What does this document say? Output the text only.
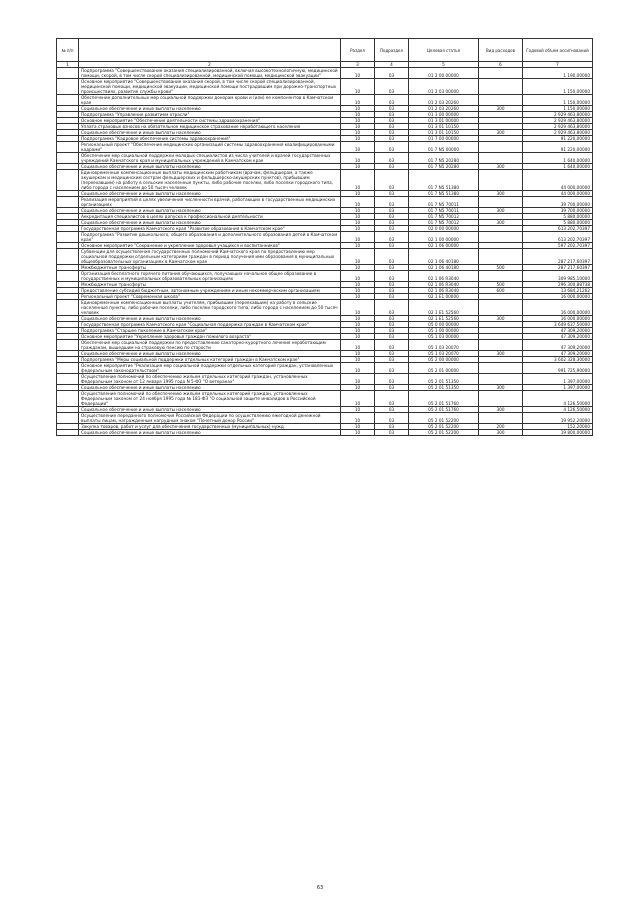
№ п/п		Раздел	Подраздел	Целевая статья	Вид расходов	Годовой объем ассигнований
1	2	3	4	5	6	7
	Подпрограмма "Совершенствование оказания специализированной, включая высокотехнологичную, медицинской помощи, скорой, в том числе скорой специализированной, медицинской помощи, медицинской эвакуации"	10	03	01 2 00 00000		1 190,00000
	Основное мероприятие "Совершенствование оказания скорой, в том числе скорой специализированной, медицинской помощи, медицинской эвакуации, медицинской помощи пострадавшим при дорожно-транспортных происшествиях, развитие службы крови"	10	03	01 2 03 00000		1 150,00000
	Обеспечение дополнительных мер социальной поддержки донорам крови и (или) ее компонентов в Камчатском крае	10	03	01 2 03 20260		1 150,00000
	Социальное обеспечение и иные выплаты населению	10	03	01 2 03 20260	300	1 150,00000
	Подпрограмма "Управление развитием отрасли"	10	03	01 3 00 00000		2 929 463,80000
	Основное мероприятие "Обеспечение деятельности системы здравоохранения"	10	03	01 3 01 00000		2 929 463,80000
	Уплата страховых взносов на обязательное медицинское страхование неработающего населения	10	03	01 3 01 10150		2 929 463,80000
	Социальное обеспечение и иные выплаты населению	10	03	01 3 01 10150	300	2 929 463,80000
	Подпрограмма "Кадровое обеспечение системы здравоохранения"	10	03	01 7 00 00000		91 220,00000
	Региональный проект "Обеспечение медицинских организаций системы здравоохранения квалифицированными кадрами"	10	03	01 7 N5 00000		91 220,00000
	Обеспечение мер социальной поддержки молодых специалистов из числа учителей и врачей государственных учреждений Камчатского края и муниципальных учреждений в Камчатском крае	10	03	01 7 N5 20280		1 640,00000
	Социальное обеспечение и иные выплаты населению	10	03	01 7 N5 20280	300	1 640,00000
	Единовременные компенсационные выплаты медицинским работникам (врачам, фельдшерам, а также акушеркам и медицинским сестрам фельдшерских и фельдшерско-акушерских пунктов), прибывшим (переехавшим) на работу в сельские населенные пункты, либо рабочие поселки, либо поселки городского типа, либо города с населением до 50 тысяч человек	10	03	01 7 N5 51380		44 000,00000
	Социальное обеспечение и иные выплаты населению	10	03	01 7 N5 51380	300	44 000,00000
	Реализация мероприятий в целях увеличения численности врачей, работающих в государственных медицинских организациях	10	03	01 7 N5 70011		39 700,00000
	Социальное обеспечение и иные выплаты населению	10	03	01 7 N5 70011	300	39 700,00000
	Аккредитация специалистов в целях допуска к профессиональной деятельности	10	03	01 7 N5 70012		5 880,00000
	Социальное обеспечение и иные выплаты населению	10	03	01 7 N5 70012	300	5 880,00000
	Государственная программа Камчатского края "Развитие образования в Камчатском крае"	10	03	02 0 00 00000		613 202,70397
	Подпрограмма "Развитие дошкольного, общего образования и дополнительного образования детей в Камчатском крае"	10	03	02 1 00 00000		613 202,70397
	Основное мероприятие "Сохранение и укрепление здоровья учащихся и воспитанников"	10	03	02 1 06 00000		597 202,70397
	Субвенции для осуществления государственных полномочий Камчатского края по предоставлению мер социальной поддержки отдельным категориям граждан в период получения ими образования в муниципальных общеобразовательных организациях в Камчатском крае	10	03	02 1 06 40180		287 217,60397
	Межбюджетные трансферты	10	03	02 1 06 40180	500	287 217,60397
	Организация бесплатного горячего питания обучающихся, получающих начальное общее образование в государственных и муниципальных образовательных организациях	10	03	02 1 06 R3040		309 985,10000
	Межбюджетные трансферты	10	03	02 1 06 R3040	500	296 300,88738
	Предоставление субсидий бюджетным, автономным учреждениям и иным некоммерческим организациям	10	03	02 1 06 R3040	600	13 684,21262
	Региональный проект "Современная школа"	10	03	02 1 E1 00000		16 000,00000
	Единовременные компенсационные выплаты учителям, прибывшим (переехавшим) на работу в сельские населенные пункты, либо рабочие поселки, либо поселки городского типа, либо города с населением до 50 тысяч человек	10	03	02 1 E1 52560		16 000,00000
	Социальное обеспечение и иные выплаты населению	10	03	02 1 E1 52560	300	16 000,00000
	Государственная программа Камчатского края "Социальная поддержка граждан в Камчатском крае"	10	03	05 0 00 00000		3 649 637,50000
	Подпрограмма "Старшее поколение в Камчатском крае"	10	03	05 1 00 00000		47 309,20000
	Основное мероприятие "Укрепление здоровья граждан пожилого возраста"	10	03	05 1 03 00000		47 309,20000
	Обеспечение мер социальной поддержки по предоставлению санаторно-курортного лечения неработающим гражданам, вышедшим на страховую пенсию по старости	10	03	05 1 03 20070		47 309,20000
	Социальное обеспечение и иные выплаты населению	10	03	05 1 03 20070	300	47 309,20000
	Подпрограмма "Меры социальной поддержки отдельных категорий граждан в Камчатском крае"	10	03	05 2 00 00000		3 602 328,30000
	Основное мероприятие "Реализация мер социальной поддержки отдельных категорий граждан, установленных федеральным законодательством"	10	03	05 2 01 00000		991 725,90000
	Осуществление полномочий по обеспечению жильем отдельных категорий граждан, установленных Федеральным законом от 12 января 1995 года N 5-ФЗ "О ветеранах"	10	03	05 2 01 51350		1 397,00000
	Социальное обеспечение и иные выплаты населению	10	03	05 2 01 51350	300	1 397,00000
	Осуществление полномочий по обеспечению жильем отдельных категорий граждан, установленных Федеральным законом от 24 ноября 1995 года № 181-ФЗ "О социальной защите инвалидов в Российской Федерации"	10	03	05 2 01 51760		4 126,50000
	Социальное обеспечение и иные выплаты населению	10	03	05 2 01 51760	300	4 126,50000
	Осуществление переданного полномочия Российской Федерации по осуществлению ежегодной денежной выплаты лицам, награжденным нагрудным знаком "Почетный донор России"	10	03	05 2 01 52200		19 952,20000
	Закупка товаров, работ и услуг для обеспечения государственных (муниципальных) нужд	10	03	05 2 01 52200	200	152,20000
	Социальное обеспечение и иные выплаты населению	10	03	05 2 01 52200	300	19 800,00000
63
